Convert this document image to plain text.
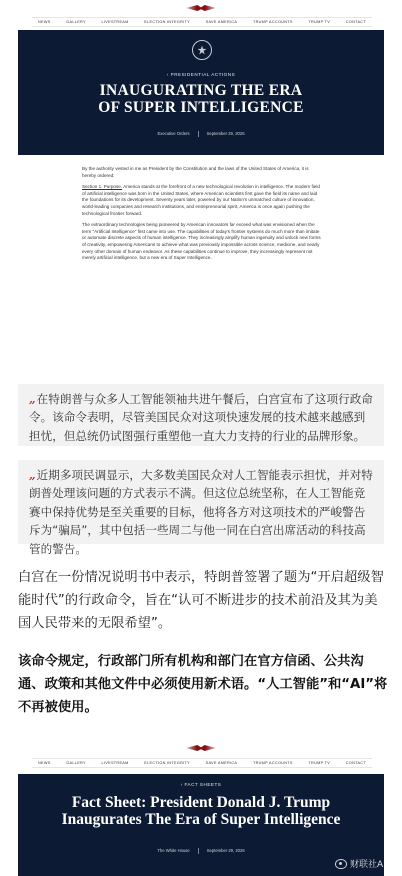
NEWS	GALLERY	LIVESTREAM	ELECTION INTEGRITY	SAVE AMERICA	TRUMP ACCOUNTS	TRUMP TV	CONTACT
‹ PRESIDENTIAL ACTIONS
INAUGURATING THE ERA
OF SUPER INTELLIGENCE
Executive Orders	September 29, 2026

By the authority vested in me as President by the Constitution and the laws of the United States of America, it is hereby ordered:

Section 1. Purpose. America stands at the forefront of a new technological revolution in intelligence. The modern field of artificial intelligence was born in the United States, where American scientists first gave the field its name and laid the foundations for its development. Seventy years later, powered by our Nation's unmatched culture of innovation, world-leading companies and research institutions, and entrepreneurial spirit, America is once again pushing the technological frontier forward.

The extraordinary technologies being pioneered by American innovators far exceed what was envisioned when the term "Artificial Intelligence" first came into use. The capabilities of today's frontier systems do much more than imitate or automate discrete aspects of human intelligence. They increasingly amplify human ingenuity and unlock new forms of creativity, empowering Americans to achieve what was previously impossible across science, medicine, and nearly every other domain of human endeavor. As these capabilities continue to improve, they increasingly represent not merely artificial intelligence, but a new era of Super Intelligence.

„在特朗普与众多人工智能领袖共进午餐后，白宫宣布了这项行政命令。该命令表明，尽管美国民众对这项快速发展的技术越来越感到担忧，但总统仍试图强行重塑他一直大力支持的行业的品牌形象。
„近期多项民调显示，大多数美国民众对人工智能表示担忧，并对特朗普处理该问题的方式表示不满。但这位总统坚称，在人工智能竞赛中保持优势是至关重要的目标，他将各方对这项技术的严峻警告斥为“骗局”，其中包括一些周二与他一同在白宫出席活动的科技高管的警告。

白宫在一份情况说明书中表示，特朗普签署了题为“开启超级智能时代”的行政命令，旨在“认可不断进步的技术前沿及其为美国人民带来的无限希望”。

该命令规定，行政部门所有机构和部门在官方信函、公共沟通、政策和其他文件中必须使用新术语。“人工智能”和“AI”将不再被使用。

NEWS	GALLERY	LIVESTREAM	ELECTION INTEGRITY	SAVE AMERICA	TRUMP ACCOUNTS	TRUMP TV	CONTACT
‹ FACT SHEETS
Fact Sheet: President Donald J. Trump
Inaugurates The Era of Super Intelligence
The White House	September 29, 2026
财联社APP
